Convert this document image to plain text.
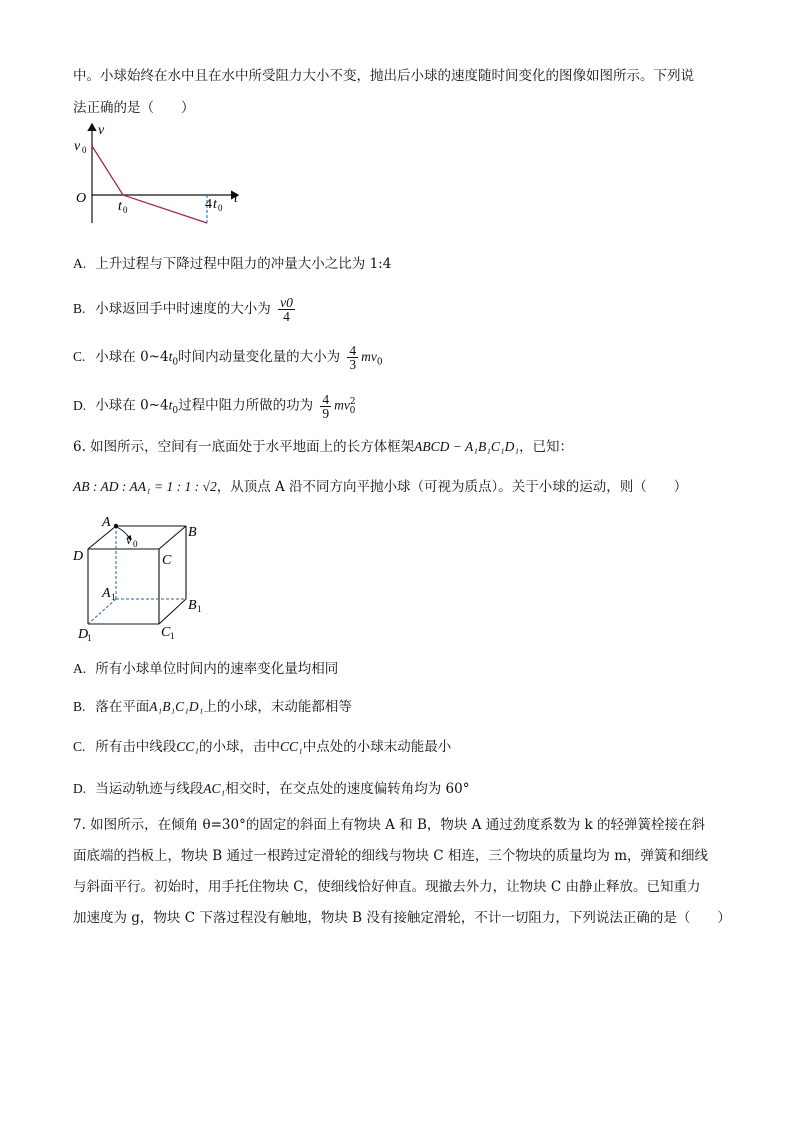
中。小球始终在水中且在水中所受阻力大小不变，抛出后小球的速度随时间变化的图像如图所示。下列说
法正确的是（　　）
v
t
v 0
O
t 0	4 t 0
A. 上升过程与下降过程中阻力的冲量大小之比为 1:4
B. 小球返回手中时速度的大小为 $\frac{v0}{4}$
C. 小球在 $0\sim 4t_0$时间内动量变化量的大小为 $\frac{4}{3} mv_0$
D. 小球在 $0\sim 4t_0$过程中阻力所做的功为 $\frac{4}{9} mv^2_0$
6. 如图所示，空间有一底面处于水平地面上的长方体框架ABCD − A₁B₁C₁D₁，已知：
AB : AD : AA₁ = 1 : 1 : √2，从顶点 A 沿不同方向平抛小球（可视为质点）。关于小球的运动，则（　　）
A
B
C
D
v 0
A 1
B 1
C 1
D
1
A. 所有小球单位时间内的速率变化量均相同
B. 落在平面A₁B₁C₁D₁上的小球，末动能都相等
C. 所有击中线段CC₁的小球，击中CC₁中点处的小球末动能最小
D. 当运动轨迹与线段AC₁相交时，在交点处的速度偏转角均为 60°
7. 如图所示，在倾角 θ=30°的固定的斜面上有物块 A 和 B，物块 A 通过劲度系数为 k 的轻弹簧栓接在斜
面底端的挡板上，物块 B 通过一根跨过定滑轮的细线与物块 C 相连，三个物块的质量均为 m，弹簧和细线
与斜面平行。初始时，用手托住物块 C，使细线恰好伸直。现撤去外力，让物块 C 由静止释放。已知重力
加速度为 g，物块 C 下落过程没有触地，物块 B 没有接触定滑轮，不计一切阻力，下列说法正确的是（　　）
